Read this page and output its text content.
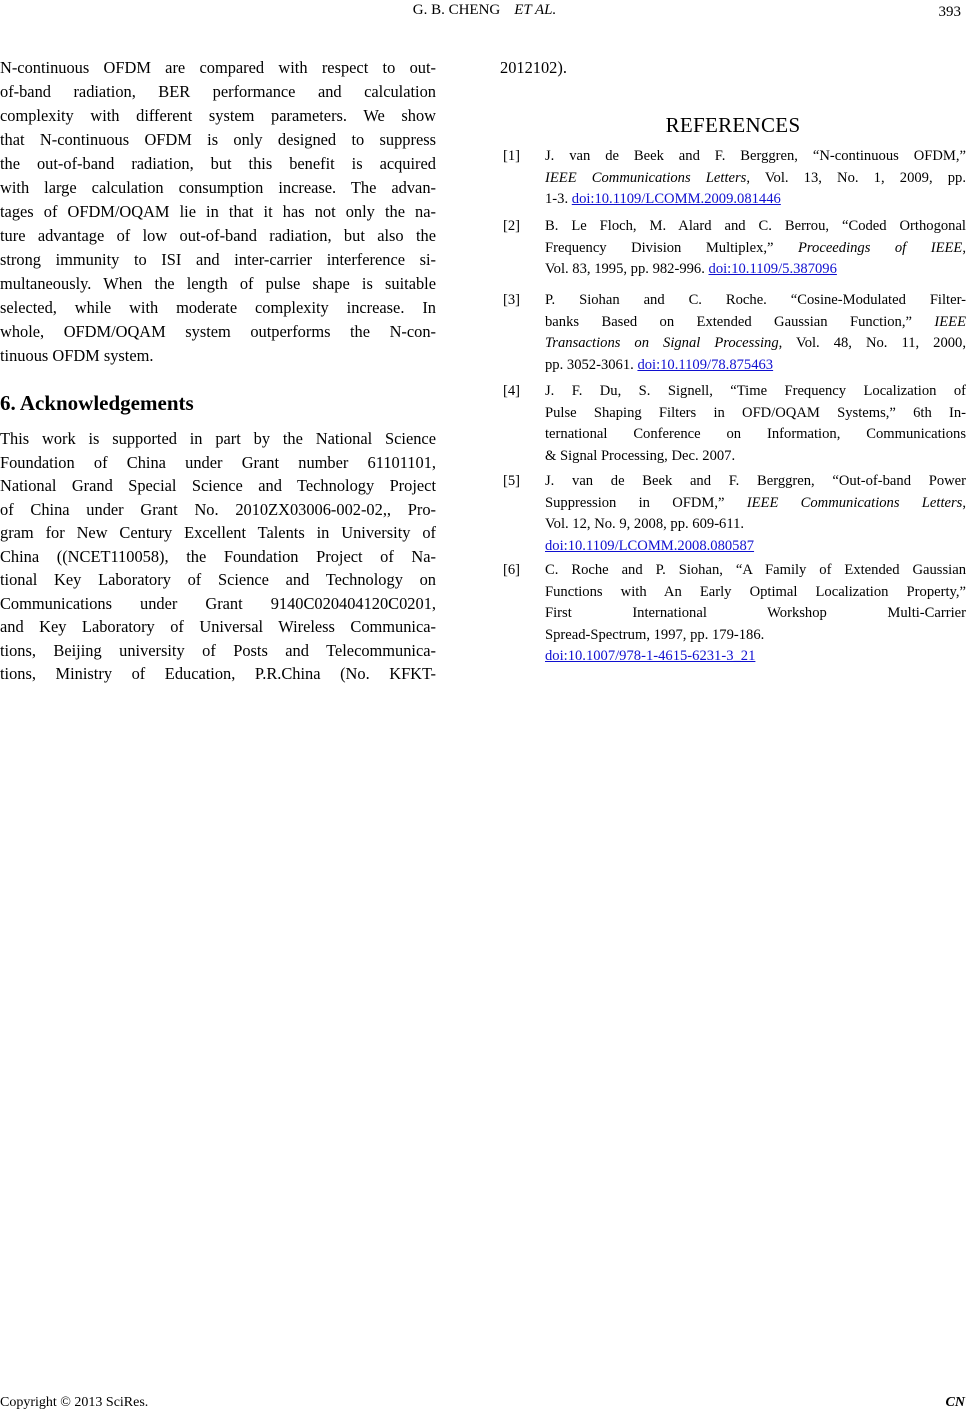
G. B. CHENG ET AL.	393
N-continuous OFDM are compared with respect to out-
of-band radiation, BER performance and calculation
complexity with different system parameters. We show
that N-continuous OFDM is only designed to suppress
the out-of-band radiation, but this benefit is acquired
with large calculation consumption increase. The advan-
tages of OFDM/OQAM lie in that it has not only the na-
ture advantage of low out-of-band radiation, but also the
strong immunity to ISI and inter-carrier interference si-
multaneously. When the length of pulse shape is suitable
selected, while with moderate complexity increase. In
whole, OFDM/OQAM system outperforms the N-con-
tinuous OFDM system.
6. Acknowledgements
This work is supported in part by the National Science
Foundation of China under Grant number 61101101,
National Grand Special Science and Technology Project
of China under Grant No. 2010ZX03006-002-02,, Pro-
gram for New Century Excellent Talents in University of
China ((NCET110058), the Foundation Project of Na-
tional Key Laboratory of Science and Technology on
Communications under Grant 9140C020404120C0201,
and Key Laboratory of Universal Wireless Communica-
tions, Beijing university of Posts and Telecommunica-
tions, Ministry of Education, P.R.China (No. KFKT-
2012102).
REFERENCES
[1] J. van de Beek and F. Berggren, “N-continuous OFDM,”
IEEE Communications Letters, Vol. 13, No. 1, 2009, pp.
1-3. doi:10.1109/LCOMM.2009.081446
[2] B. Le Floch, M. Alard and C. Berrou, “Coded Orthogonal
Frequency Division Multiplex,” Proceedings of IEEE,
Vol. 83, 1995, pp. 982-996. doi:10.1109/5.387096
[3] P. Siohan and C. Roche. “Cosine-Modulated Filter-
banks Based on Extended Gaussian Function,” IEEE
Transactions on Signal Processing, Vol. 48, No. 11, 2000,
pp. 3052-3061. doi:10.1109/78.875463
[4] J. F. Du, S. Signell, “Time Frequency Localization of
Pulse Shaping Filters in OFD/OQAM Systems,” 6th In-
ternational Conference on Information, Communications
& Signal Processing, Dec. 2007.
[5] J. van de Beek and F. Berggren, “Out-of-band Power
Suppression in OFDM,” IEEE Communications Letters,
Vol. 12, No. 9, 2008, pp. 609-611.
doi:10.1109/LCOMM.2008.080587
[6] C. Roche and P. Siohan, “A Family of Extended Gaussian
Functions with An Early Optimal Localization Property,”
First International Workshop Multi-Carrier
Spread-Spectrum, 1997, pp. 179-186.
doi:10.1007/978-1-4615-6231-3_21
Copyright © 2013 SciRes.	CN
